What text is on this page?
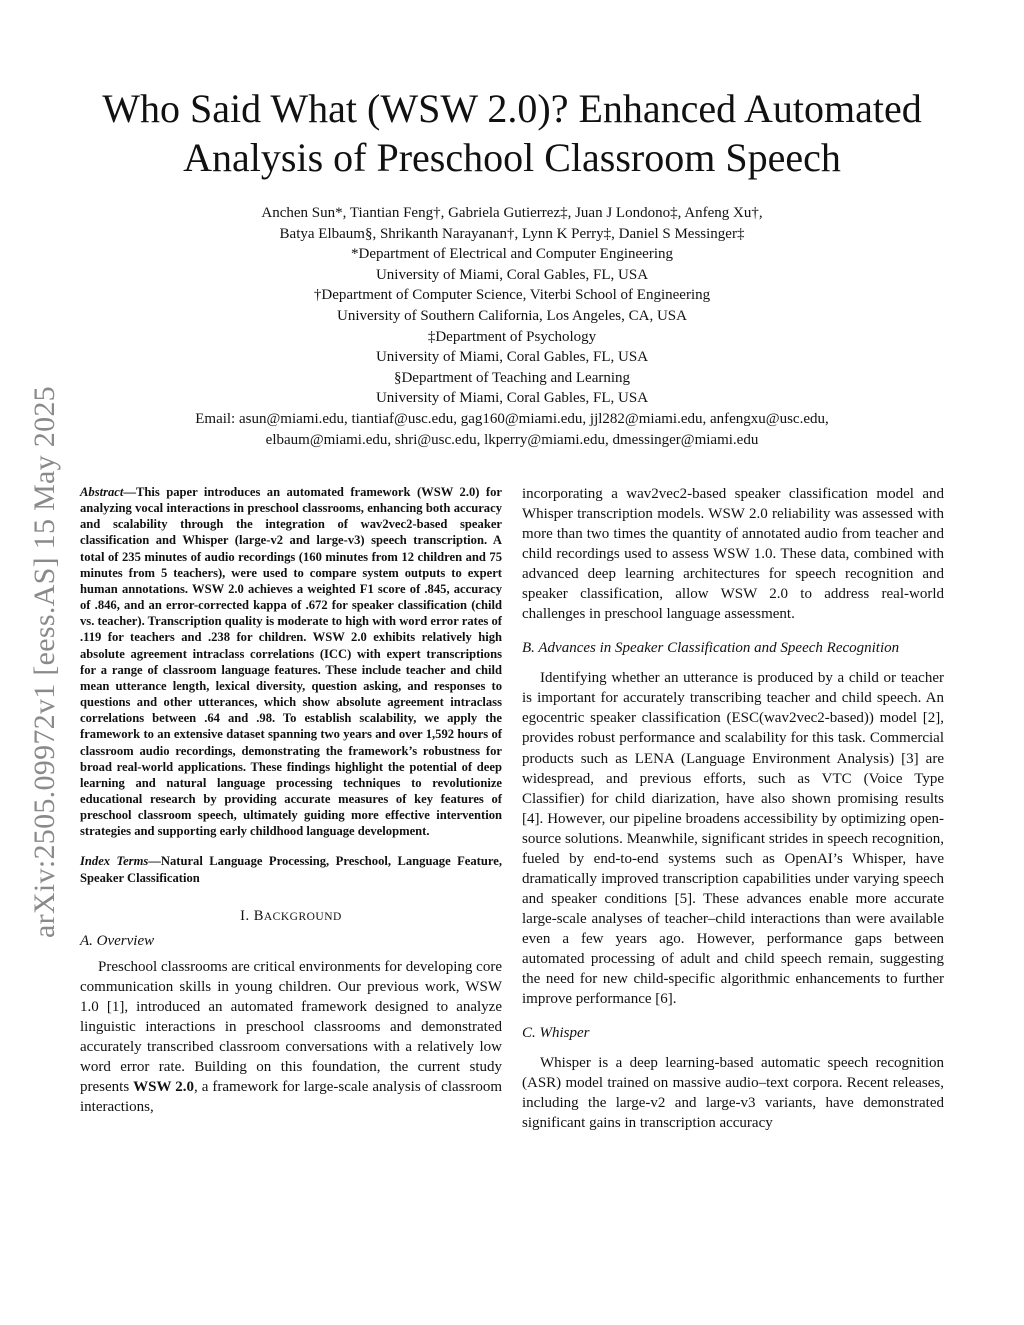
arXiv:2505.09972v1 [eess.AS] 15 May 2025
Who Said What (WSW 2.0)? Enhanced Automated
Analysis of Preschool Classroom Speech
Anchen Sun*, Tiantian Feng†, Gabriela Gutierrez‡, Juan J Londono‡, Anfeng Xu†,
Batya Elbaum§, Shrikanth Narayanan†, Lynn K Perry‡, Daniel S Messinger‡
*Department of Electrical and Computer Engineering
University of Miami, Coral Gables, FL, USA
†Department of Computer Science, Viterbi School of Engineering
University of Southern California, Los Angeles, CA, USA
‡Department of Psychology
University of Miami, Coral Gables, FL, USA
§Department of Teaching and Learning
University of Miami, Coral Gables, FL, USA
Email: asun@miami.edu, tiantiaf@usc.edu, gag160@miami.edu, jjl282@miami.edu, anfengxu@usc.edu,
elbaum@miami.edu, shri@usc.edu, lkperry@miami.edu, dmessinger@miami.edu

Abstract—This paper introduces an automated framework (WSW 2.0) for analyzing vocal interactions in preschool classrooms, enhancing both accuracy and scalability through the integration of wav2vec2-based speaker classification and Whisper (large-v2 and large-v3) speech transcription. A total of 235 minutes of audio recordings (160 minutes from 12 children and 75 minutes from 5 teachers), were used to compare system outputs to expert human annotations. WSW 2.0 achieves a weighted F1 score of .845, accuracy of .846, and an error-corrected kappa of .672 for speaker classification (child vs. teacher). Transcription quality is moderate to high with word error rates of .119 for teachers and .238 for children. WSW 2.0 exhibits relatively high absolute agreement intraclass correlations (ICC) with expert transcriptions for a range of classroom language features. These include teacher and child mean utterance length, lexical diversity, question asking, and responses to questions and other utterances, which show absolute agreement intraclass correlations between .64 and .98. To establish scalability, we apply the framework to an extensive dataset spanning two years and over 1,592 hours of classroom audio recordings, demonstrating the framework’s robustness for broad real-world applications. These findings highlight the potential of deep learning and natural language processing techniques to revolutionize educational research by providing accurate measures of key features of preschool classroom speech, ultimately guiding more effective intervention strategies and supporting early childhood language development.

Index Terms—Natural Language Processing, Preschool, Language Feature, Speaker Classification

I. BACKGROUND
A. Overview

Preschool classrooms are critical environments for developing core communication skills in young children. Our previous work, WSW 1.0 [1], introduced an automated framework designed to analyze linguistic interactions in preschool classrooms and demonstrated accurately transcribed classroom conversations with a relatively low word error rate. Building on this foundation, the current study presents WSW 2.0, a framework for large-scale analysis of classroom interactions,

incorporating a wav2vec2-based speaker classification model and Whisper transcription models. WSW 2.0 reliability was assessed with more than two times the quantity of annotated audio from teacher and child recordings used to assess WSW 1.0. These data, combined with advanced deep learning architectures for speech recognition and speaker classification, allow WSW 2.0 to address real-world challenges in preschool language assessment.

B. Advances in Speaker Classification and Speech Recognition

Identifying whether an utterance is produced by a child or teacher is important for accurately transcribing teacher and child speech. An egocentric speaker classification (ESC(wav2vec2-based)) model [2], provides robust performance and scalability for this task. Commercial products such as LENA (Language Environment Analysis) [3] are widespread, and previous efforts, such as VTC (Voice Type Classifier) for child diarization, have also shown promising results [4]. However, our pipeline broadens accessibility by optimizing open-source solutions. Meanwhile, significant strides in speech recognition, fueled by end-to-end systems such as OpenAI’s Whisper, have dramatically improved transcription capabilities under varying speech and speaker conditions [5]. These advances enable more accurate large-scale analyses of teacher–child interactions than were available even a few years ago. However, performance gaps between automated processing of adult and child speech remain, suggesting the need for new child-specific algorithmic enhancements to further improve performance [6].

C. Whisper

Whisper is a deep learning-based automatic speech recognition (ASR) model trained on massive audio–text corpora. Recent releases, including the large-v2 and large-v3 variants, have demonstrated significant gains in transcription accuracy
